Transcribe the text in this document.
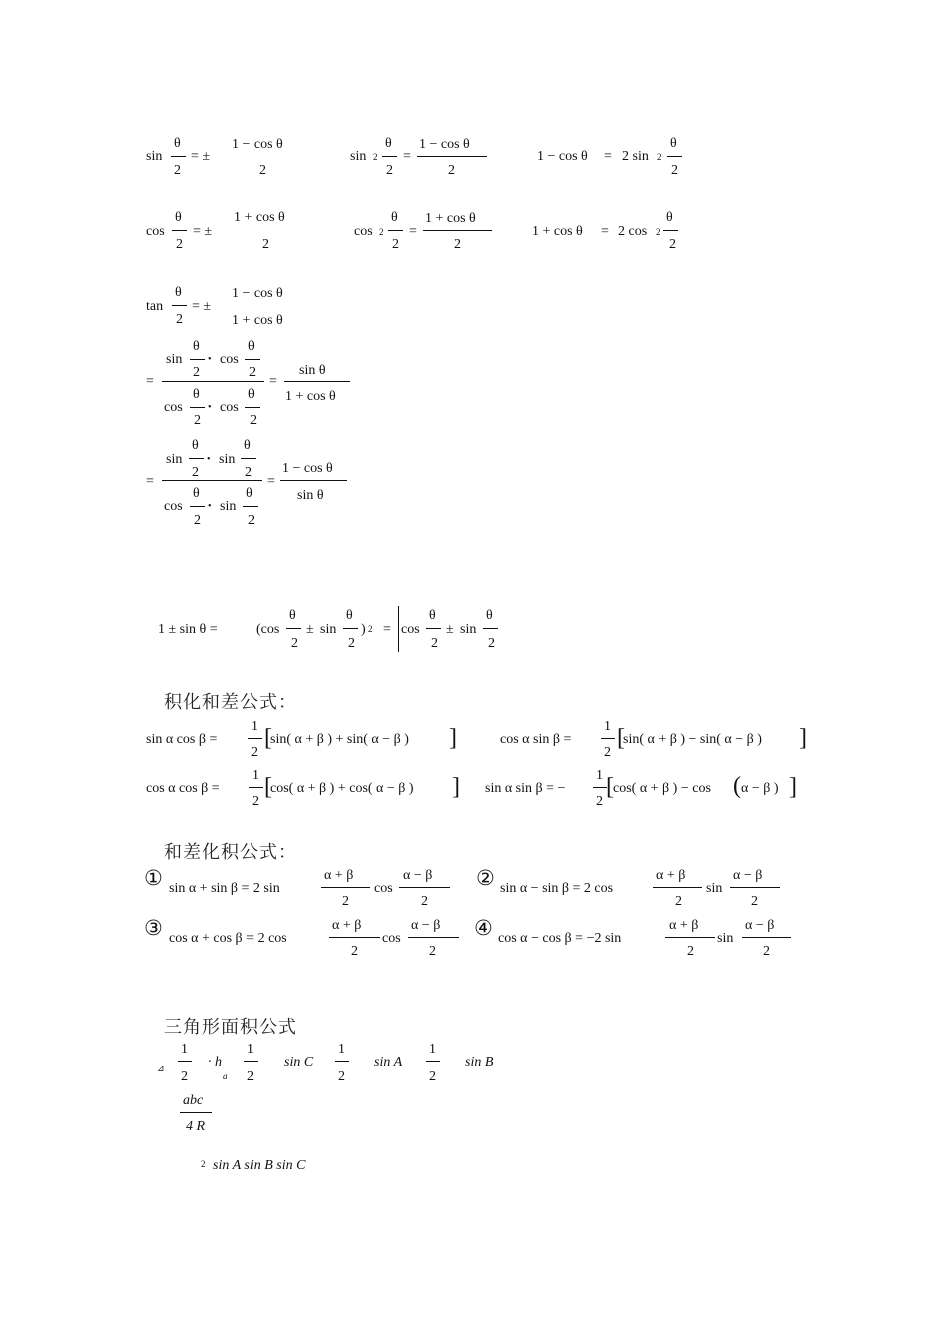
sin
θ
2
= ±
1 − cos θ
2
sin 2
θ
2
=
1 − cos θ
2
1 − cos θ = 2 sin 2
θ
2
cos
θ
2
= ±
1 + cos θ
2
cos 2
θ
2
=
1 + cos θ
2
1 + cos θ = 2 cos 2
θ
2
tan
θ
2
= ±
1 − cos θ
1 + cos θ
=
sin
θ
2
• cos
θ
2
cos
θ
2
• cos
θ
2
=
sin θ
1 + cos θ
=
sin
θ
2
• sin
θ
2
cos
θ
2
• sin
θ
2
=
1 − cos θ
sin θ
1 ± sin θ =	(cos
θ
2
± sin
θ
2
) 2 = cos
θ
2
± sin
θ
2
积化和差公式：
sin α cos β =
1
2
[
sin( α + β ) + sin( α − β ) ]	cos α sin β =
1
2
[
sin( α + β ) − sin( α − β ) ]
cos α cos β =
1
2
[
cos( α + β ) + cos( α − β ) ] sin α sin β = −
1
2
[ cos( α + β ) − cos ( α − β ) ]
和差化积公式：
① sin α + sin β = 2 sin
α + β
2
cos
α − β
2
② sin α − sin β = 2 cos
α + β
2
sin
α − β
2
③ cos α + cos β = 2 cos
α + β
2
cos
α − β
2
④ cos α − cos β = −2 sin
α + β
2
sin
α − β
2
三角形面积公式
⊿
1
2
· h
a
1
2
sin C
1
2
sin A
1
2
sin B
abc
4 R
2 sin A sin B sin C
